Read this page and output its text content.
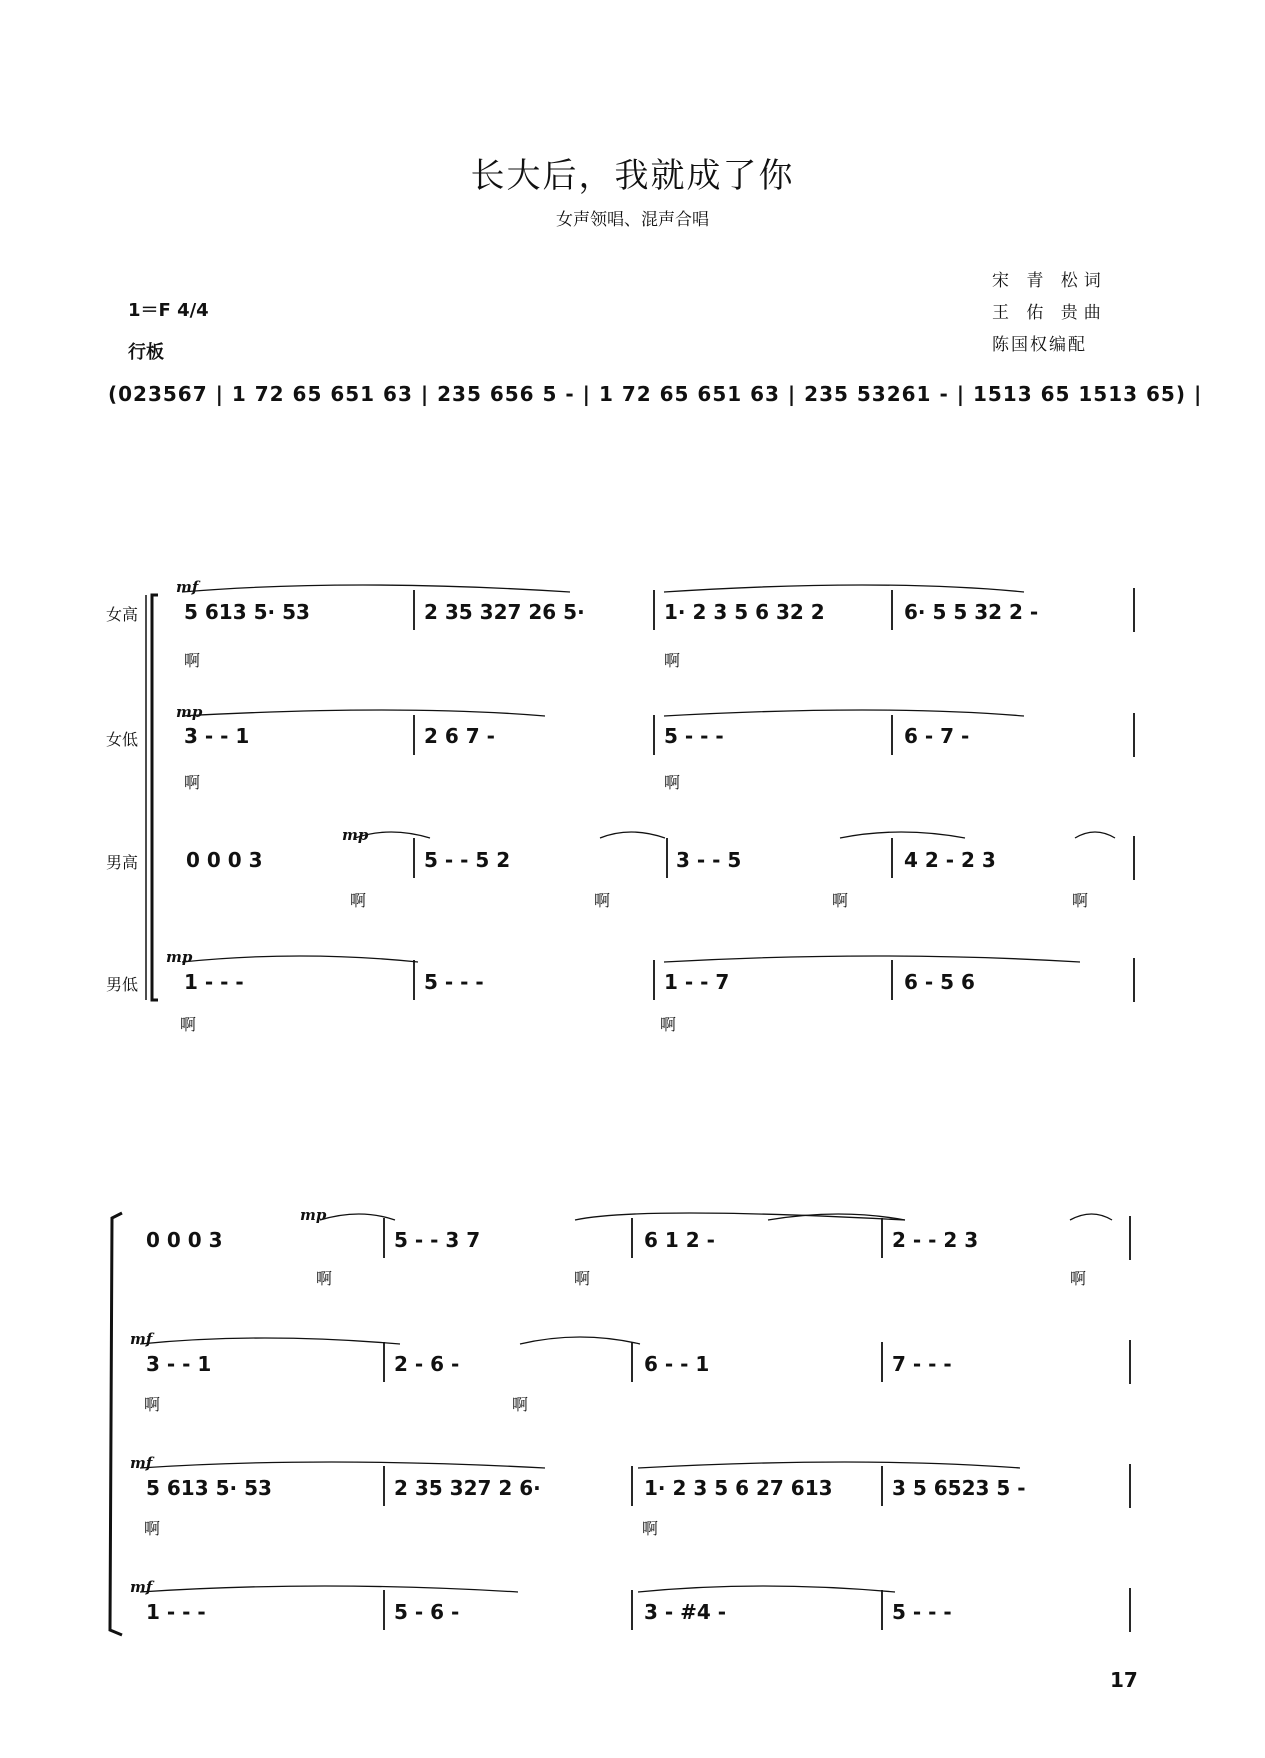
长大后，我就成了你
女声领唱、混声合唱
宋 青 松词
王 佑 贵曲
陈国权编配
1＝F 4/4
行板
(023567 | 1 72 65 651 63 | 235 656 5 - | 1 72 65 651 63 | 235 53261 - | 1513 65 1513 65) |
女高
女低
男高
男低
mf
mp
mp
mp
5 613 5· 53	2 35 327 26 5·	1· 2 3 5 6 32 2	6· 5 5 32 2 -
啊	啊
3 - - 1	2 6 7 -	5 - - -	6 - 7 -
啊	啊
0 0 0 3	5 - - 5 2	3 - - 5	4 2 - 2 3
啊	啊	啊	啊
1 - - -	5 - - -	1 - - 7	6 - 5 6
啊	啊
mp
mf
mf
mf
0 0 0 3	5 - - 3 7	6 1 2 -	2 - - 2 3
啊	啊	啊
3 - - 1	2 - 6 -	6 - - 1	7 - - -
啊	啊
5 613 5· 53	2 35 327 2 6·	1· 2 3 5 6 27 613	3 5 6523 5 -
啊	啊
1 - - -	5 - 6 -	3 - #4 -	5 - - -
17
